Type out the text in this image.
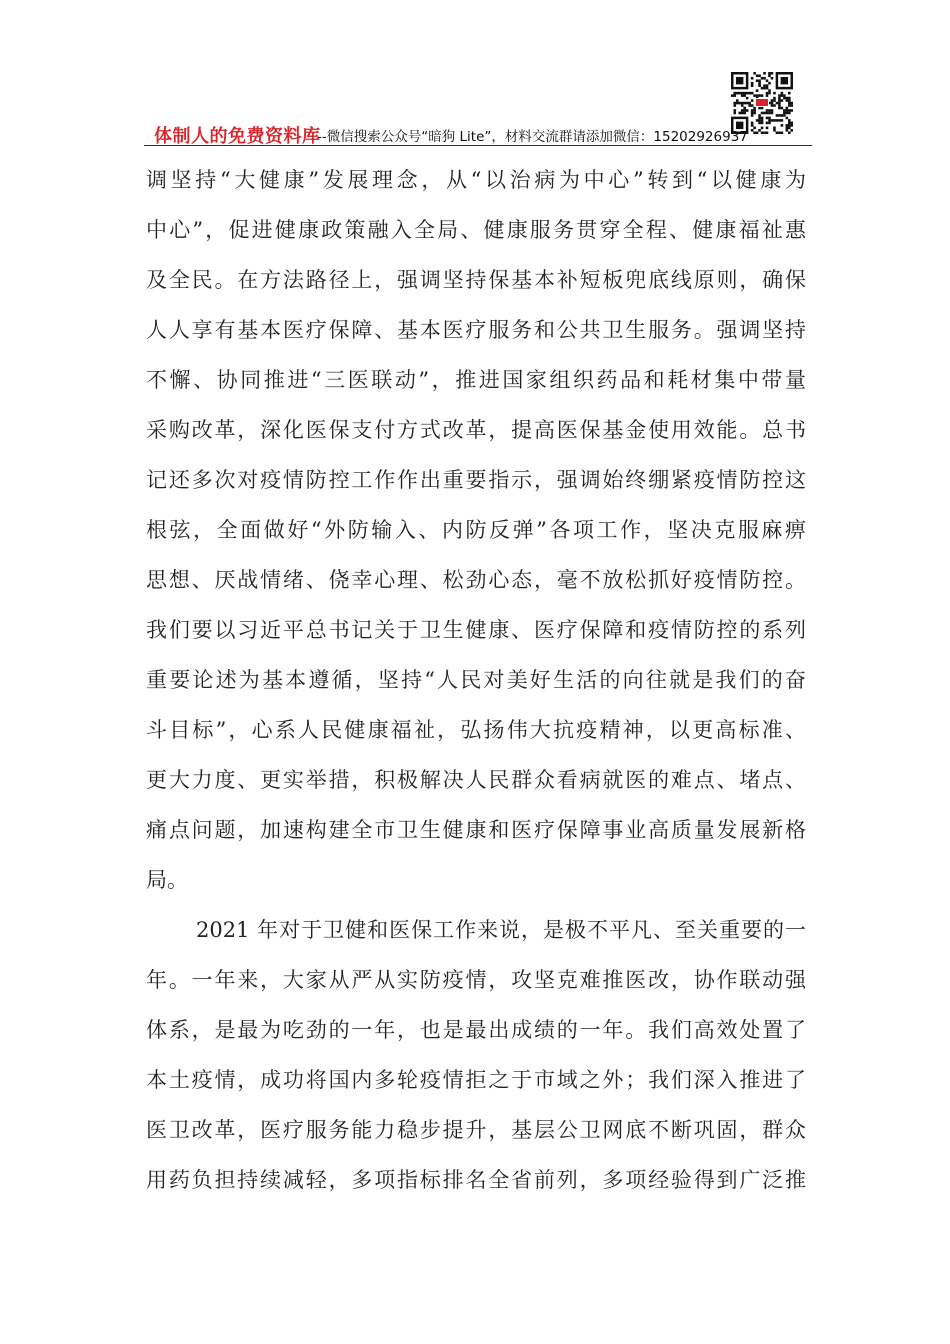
体制人的免费资料库
--微信搜索公众号“暗狗 Lite”，材料交流群请添加微信：15202926937
调坚持“大健康”发展理念，从“以治病为中心”转到“以健康为
中心”，促进健康政策融入全局、健康服务贯穿全程、健康福祉惠
及全民。在方法路径上，强调坚持保基本补短板兜底线原则，确保
人人享有基本医疗保障、基本医疗服务和公共卫生服务。强调坚持
不懈、协同推进“三医联动”，推进国家组织药品和耗材集中带量
采购改革，深化医保支付方式改革，提高医保基金使用效能。总书
记还多次对疫情防控工作作出重要指示，强调始终绷紧疫情防控这
根弦，全面做好“外防输入、内防反弹”各项工作，坚决克服麻痹
思想、厌战情绪、侥幸心理、松劲心态，毫不放松抓好疫情防控。
我们要以习近平总书记关于卫生健康、医疗保障和疫情防控的系列
重要论述为基本遵循，坚持“人民对美好生活的向往就是我们的奋
斗目标”，心系人民健康福祉，弘扬伟大抗疫精神，以更高标准、
更大力度、更实举措，积极解决人民群众看病就医的难点、堵点、
痛点问题，加速构建全市卫生健康和医疗保障事业高质量发展新格
局。
2021 年对于卫健和医保工作来说，是极不平凡、至关重要的一
年。一年来，大家从严从实防疫情，攻坚克难推医改，协作联动强
体系，是最为吃劲的一年，也是最出成绩的一年。我们高效处置了
本土疫情，成功将国内多轮疫情拒之于市域之外；我们深入推进了
医卫改革，医疗服务能力稳步提升，基层公卫网底不断巩固，群众
用药负担持续减轻，多项指标排名全省前列，多项经验得到广泛推
